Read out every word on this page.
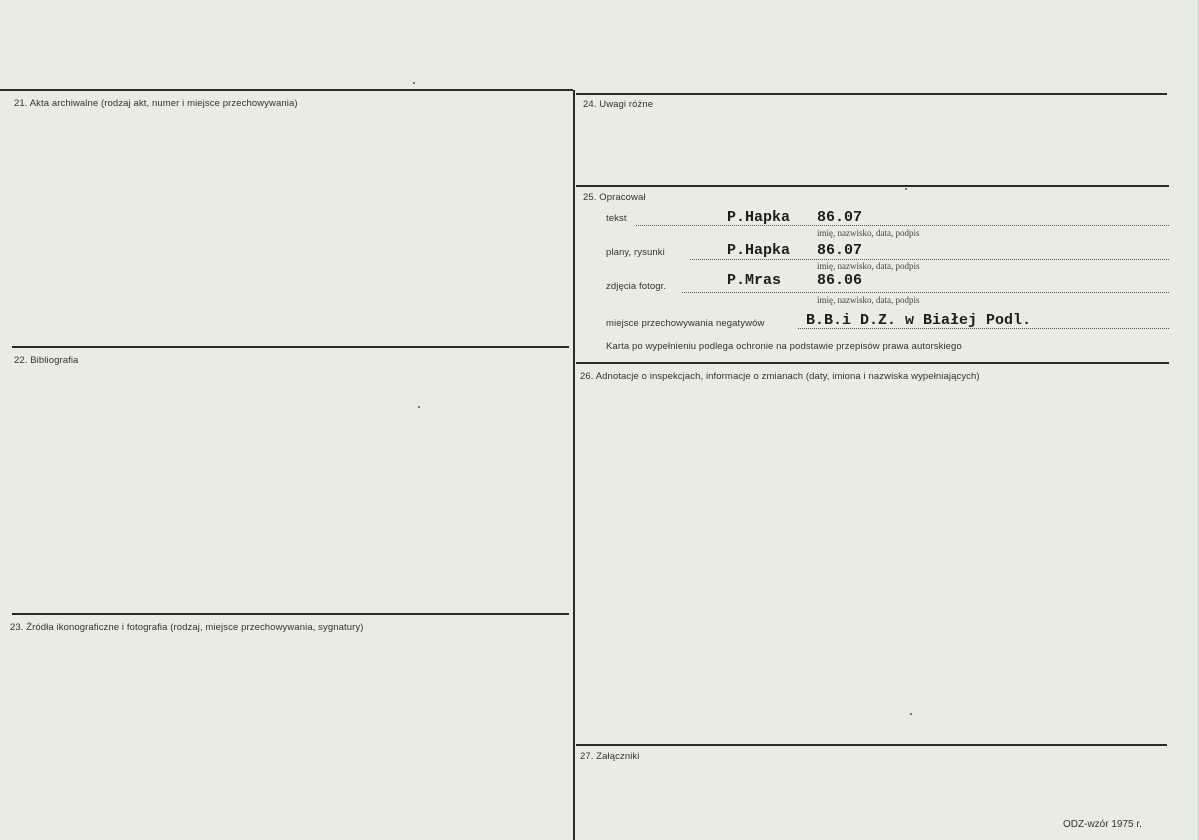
21. Akta archiwalne (rodzaj akt, numer i miejsce przechowywania)
22. Bibliografia
23. Źródła ikonograficzne i fotografia (rodzaj, miejsce przechowywania, sygnatury)
24. Uwagi różne
25. Opracował
26. Adnotacje o inspekcjach, informacje o zmianach (daty, imiona i nazwiska wypełniających)
27. Załączniki
tekst	P.Hapka 86.07
imię, nazwisko, data, podpis
plany, rysunki	P.Hapka 86.07
imię, nazwisko, data, podpis
zdjęcia fotogr.	P.Mras 86.06
imię, nazwisko, data, podpis
miejsce przechowywania negatywów	B.B.i D.Z. w Białej Podl.
Karta po wypełnieniu podlega ochronie na podstawie przepisów prawa autorskiego
ODZ-wzór 1975 r.
